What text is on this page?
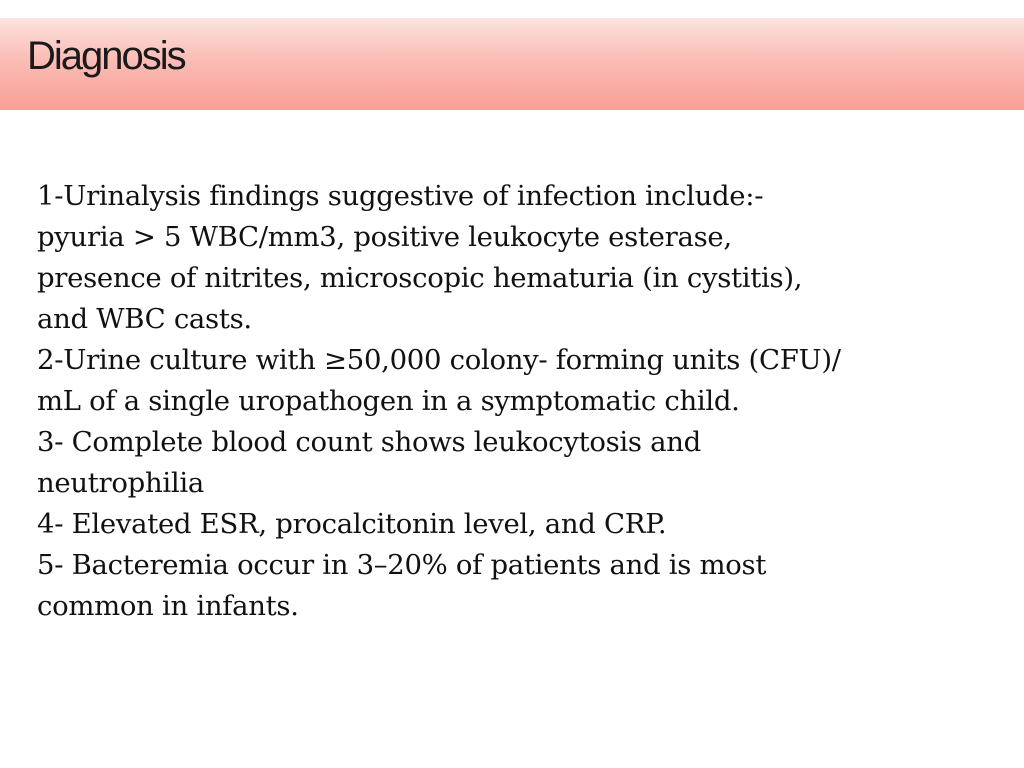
Diagnosis
1-Urinalysis findings suggestive of infection include:-
pyuria > 5 WBC/mm3, positive leukocyte esterase,
presence of nitrites, microscopic hematuria (in cystitis),
and WBC casts.
2-Urine culture with ≥50,000 colony- forming units (CFU)/
mL of a single uropathogen in a symptomatic child.
3- Complete blood count shows leukocytosis and
neutrophilia
4- Elevated ESR, procalcitonin level, and CRP.
5- Bacteremia occur in 3–20% of patients and is most
common in infants.
